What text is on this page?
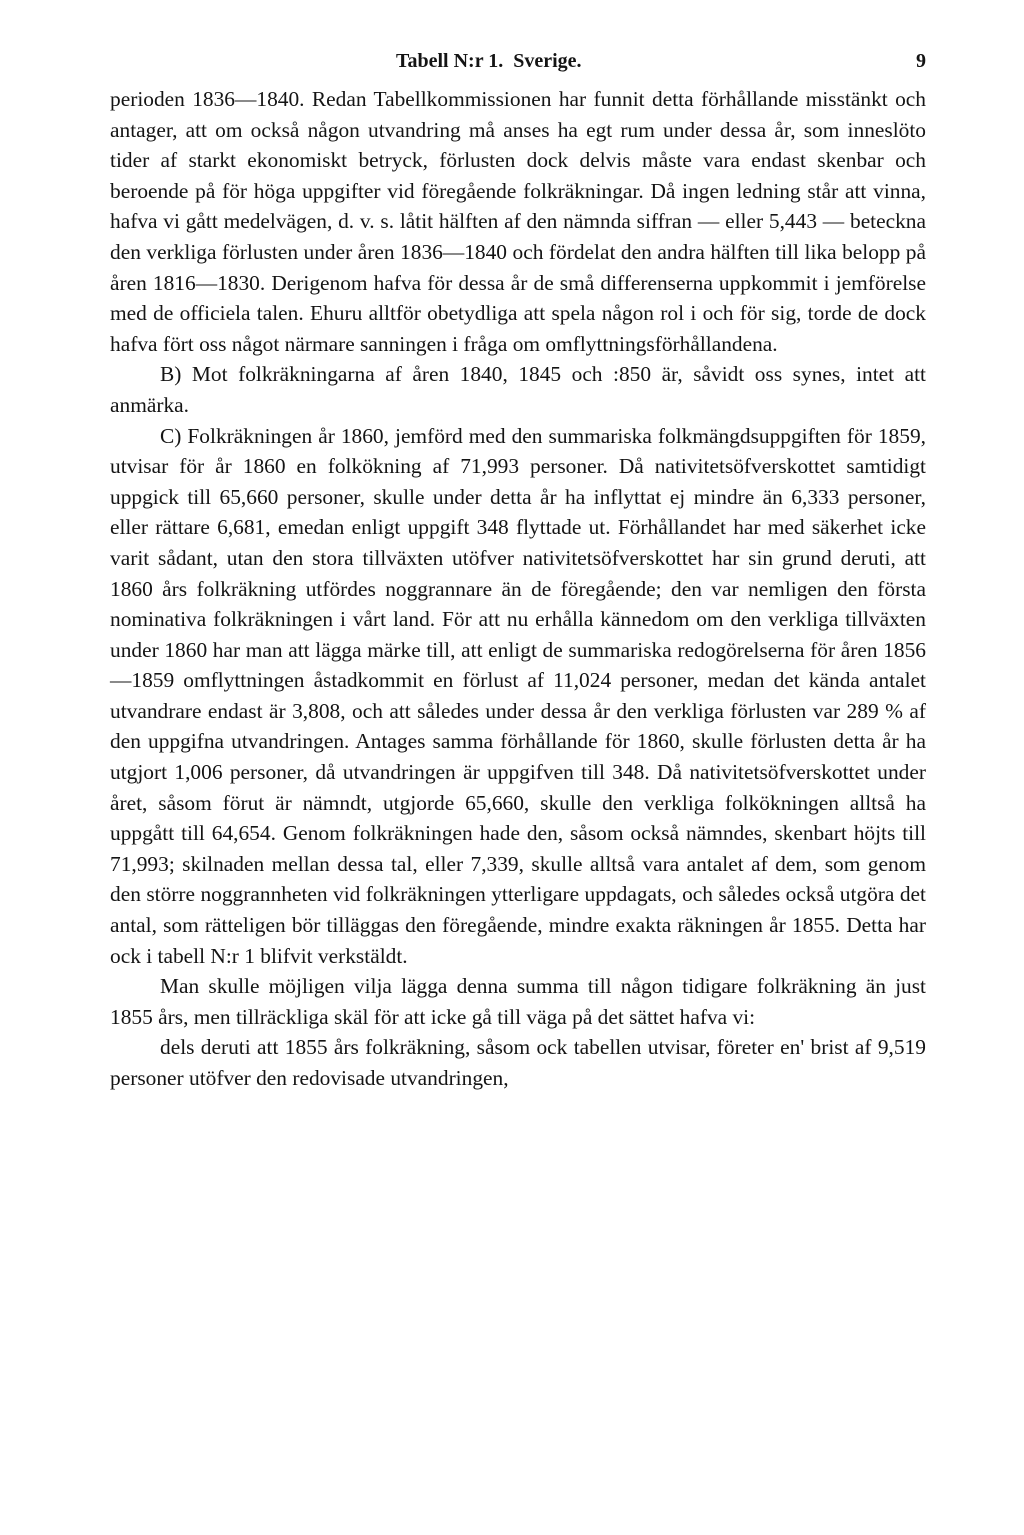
Tabell N:r 1.  Sverige.	9

perioden 1836—1840. Redan Tabellkommissionen har funnit detta förhållande misstänkt och antager, att om också någon utvandring må anses ha egt rum under dessa år, som inneslöto tider af starkt ekonomiskt betryck, förlusten dock delvis måste vara endast skenbar och beroende på för höga uppgifter vid föregående folkräkningar. Då ingen ledning står att vinna, hafva vi gått medelvägen, d. v. s. låtit hälften af den nämnda siffran — eller 5,443 — beteckna den verkliga förlusten under åren 1836—1840 och fördelat den andra hälften till lika belopp på åren 1816—1830. Derigenom hafva för dessa år de små differenserna uppkommit i jemförelse med de officiela talen. Ehuru alltför obetydliga att spela någon rol i och för sig, torde de dock hafva fört oss något närmare sanningen i fråga om omflyttningsförhållandena.

B) Mot folkräkningarna af åren 1840, 1845 och :850 är, såvidt oss synes, intet att anmärka.

C) Folkräkningen år 1860, jemförd med den summariska folkmängdsuppgiften för 1859, utvisar för år 1860 en folkökning af 71,993 personer. Då nativitetsöfverskottet samtidigt uppgick till 65,660 personer, skulle under detta år ha inflyttat ej mindre än 6,333 personer, eller rättare 6,681, emedan enligt uppgift 348 flyttade ut. Förhållandet har med säkerhet icke varit sådant, utan den stora tillväxten utöfver nativitetsöfverskottet har sin grund deruti, att 1860 års folkräkning utfördes noggrannare än de föregående; den var nemligen den första nominativa folkräkningen i vårt land. För att nu erhålla kännedom om den verkliga tillväxten under 1860 har man att lägga märke till, att enligt de summariska redogörelserna för åren 1856—1859 omflyttningen åstadkommit en förlust af 11,024 personer, medan det kända antalet utvandrare endast är 3,808, och att således under dessa år den verkliga förlusten var 289 % af den uppgifna utvandringen. Antages samma förhållande för 1860, skulle förlusten detta år ha utgjort 1,006 personer, då utvandringen är uppgifven till 348. Då nativitetsöfverskottet under året, såsom förut är nämndt, utgjorde 65,660, skulle den verkliga folkökningen alltså ha uppgått till 64,654. Genom folkräkningen hade den, såsom också nämndes, skenbart höjts till 71,993; skilnaden mellan dessa tal, eller 7,339, skulle alltså vara antalet af dem, som genom den större noggrannheten vid folkräkningen ytterligare uppdagats, och således också utgöra det antal, som rätteligen bör tilläggas den föregående, mindre exakta räkningen år 1855. Detta har ock i tabell N:r 1 blifvit verkstäldt.

Man skulle möjligen vilja lägga denna summa till någon tidigare folkräkning än just 1855 års, men tillräckliga skäl för att icke gå till väga på det sättet hafva vi:

dels deruti att 1855 års folkräkning, såsom ock tabellen utvisar, företer en' brist af 9,519 personer utöfver den redovisade utvandringen,
